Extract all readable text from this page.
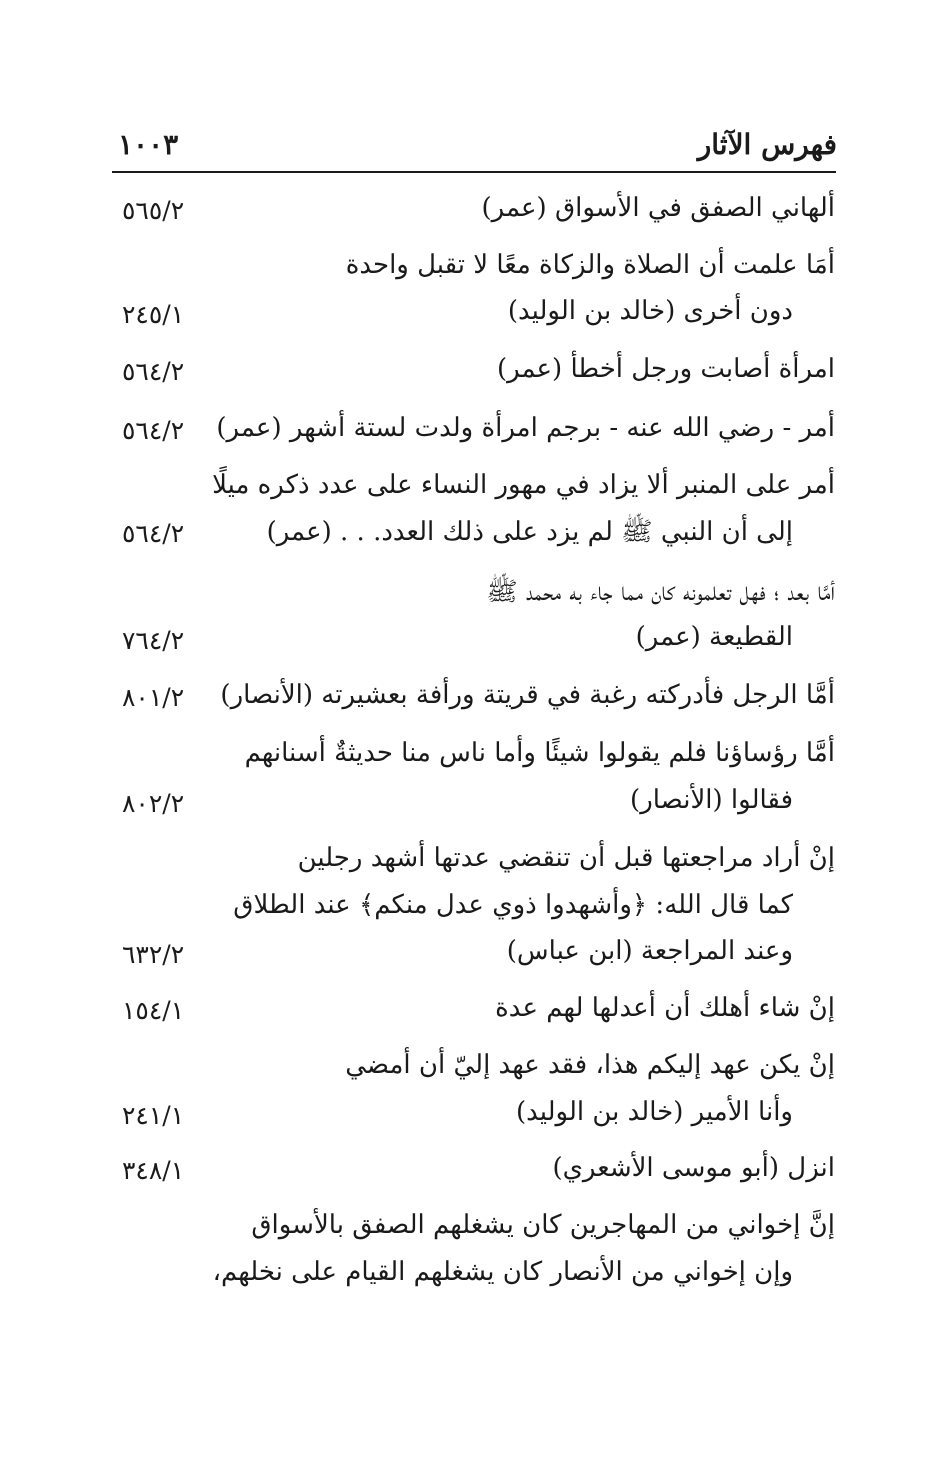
فهرس الآثار
١٠٠٣
ألهاني الصفق في الأسواق (عمر)
٥٦٥/٢
أمَا علمت أن الصلاة والزكاة معًا لا تقبل واحدة
دون أخرى (خالد بن الوليد)
٢٤٥/١
امرأة أصابت ورجل أخطأ (عمر)
٥٦٤/٢
أمر - رضي الله عنه - برجم امرأة ولدت لستة أشهر (عمر)
٥٦٤/٢
أمر على المنبر ألا يزاد في مهور النساء على عدد ذكره ميلًا
إلى أن النبي ﷺ لم يزد على ذلك العدد. . . (عمر)
٥٦٤/٢
أمَّا بعد ؛ فهل تعلمونه كان مما جاء به محمد ﷺ
القطيعة (عمر)
٧٦٤/٢
أمَّا الرجل فأدركته رغبة في قريتة ورأفة بعشيرته (الأنصار)
٨٠١/٢
أمَّا رؤساؤنا فلم يقولوا شيئًا وأما ناس منا حديثةٌ أسنانهم
فقالوا (الأنصار)
٨٠٢/٢
إنْ أراد مراجعتها قبل أن تنقضي عدتها أشهد رجلين
كما قال الله: ﴿وأشهدوا ذوي عدل منكم﴾ عند الطلاق
وعند المراجعة (ابن عباس)
٦٣٢/٢
إنْ شاء أهلك أن أعدلها لهم عدة
١٥٤/١
إنْ يكن عهد إليكم هذا، فقد عهد إليّ أن أمضي
وأنا الأمير (خالد بن الوليد)
٢٤١/١
انزل (أبو موسى الأشعري)
٣٤٨/١
إنَّ إخواني من المهاجرين كان يشغلهم الصفق بالأسواق
وإن إخواني من الأنصار كان يشغلهم القيام على نخلهم،
